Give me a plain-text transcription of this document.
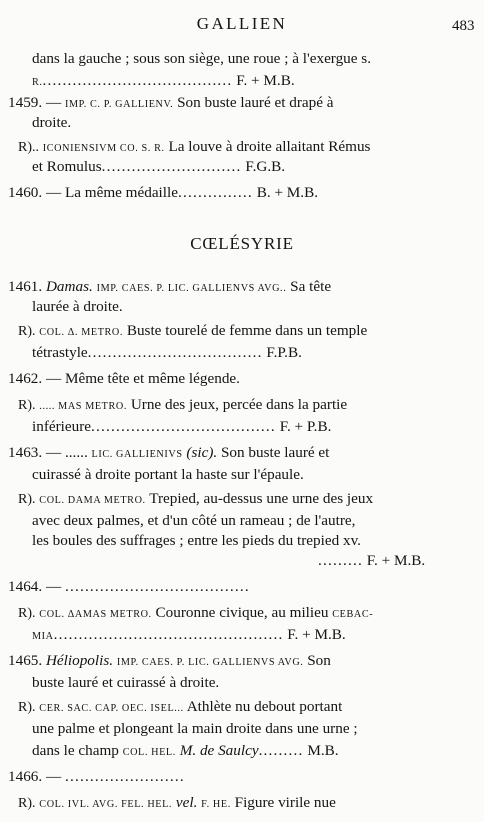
GALLIEN	483
dans la gauche ; sous son siège, une roue ; à l'exergue s.
R....................................... F. + M.B.
1459. — IMP. C. P. GALLIENV. Son buste lauré et drapé à
droite.
R).. ICONIENSIVM CO. S. R. La louve à droite allaitant Rémus
et Romulus............................ F.G.B.
1460. — La même médaille............... B. + M.B.
CŒLÉSYRIE
1461. Damas. IMP. CAES. P. LIC. GALLIENVS AVG.. Sa tête
laurée à droite.
R). COL. Δ. METRO. Buste tourelé de femme dans un temple
tétrastyle................................... F.P.B.
1462. — Même tête et même légende.
R). ..... MAS METRO. Urne des jeux, percée dans la partie
inférieure..................................... F. + P.B.
1463. — ...... LIC. GALLIENIVS (sic). Son buste lauré et
cuirassé à droite portant la haste sur l'épaule.
R). COL. DAMA METRO. Trepied, au-dessus une urne des jeux
avec deux palmes, et d'un côté un rameau ; de l'autre,
les boules des suffrages ; entre les pieds du trepied xv.
......... F. + M.B.
1464. — .....................................
R). COL. ΔAMAS METRO. Couronne civique, au milieu CEBAC-
MIA.............................................. F. + M.B.
1465. Héliopolis. IMP. CAES. P. LIC. GALLIENVS AVG. Son
buste lauré et cuirassé à droite.
R). CER. SAC. CAP. OEC. ISEL... Athlète nu debout portant
une palme et plongeant la main droite dans une urne ;
dans le champ COL. HEL. M. de Saulcy......... M.B.
1466. — ........................
R). COL. IVL. AVG. FEL. HEL. vel. F. HE. Figure virile nue
